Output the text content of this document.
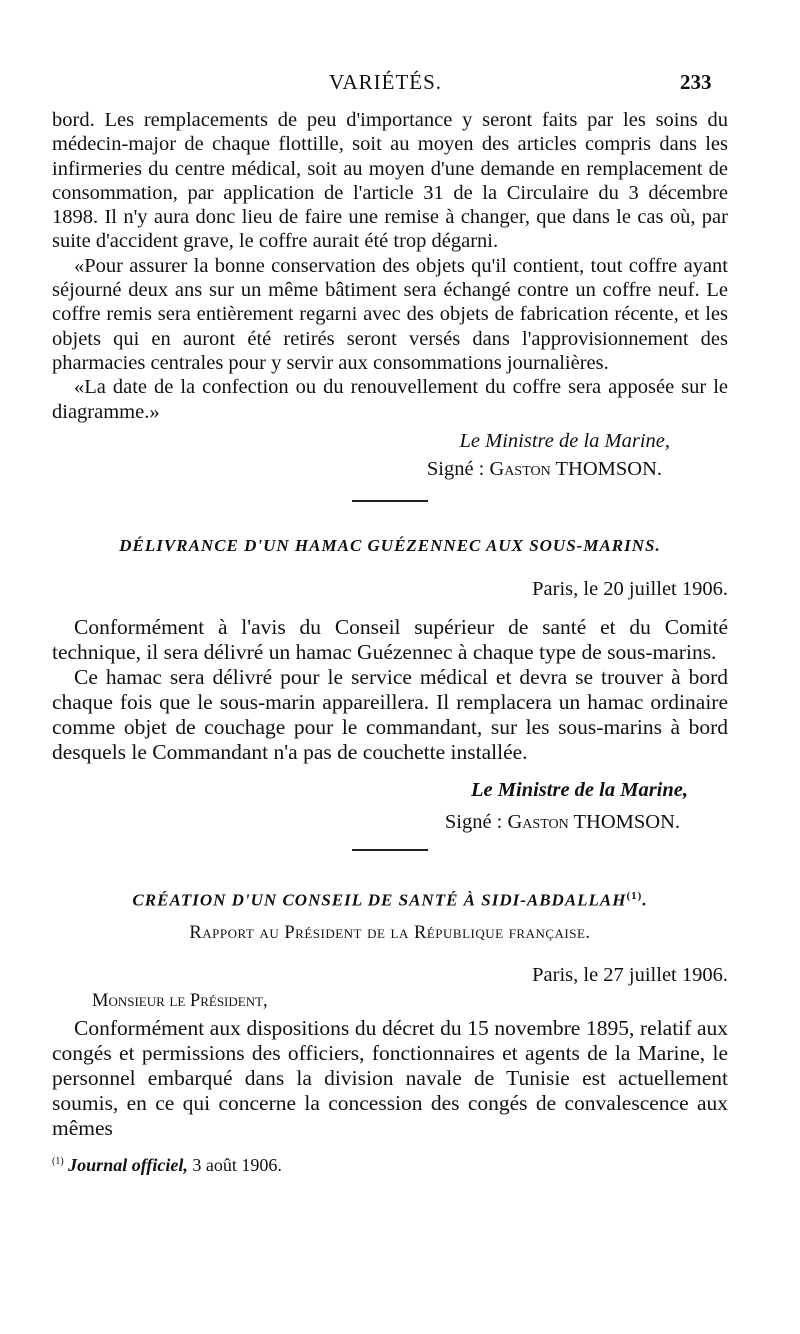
VARIÉTÉS.	233

bord. Les remplacements de peu d'importance y seront faits par les soins du médecin-major de chaque flottille, soit au moyen des articles compris dans les infirmeries du centre médical, soit au moyen d'une demande en remplacement de consommation, par application de l'article 31 de la Circulaire du 3 décembre 1898. Il n'y aura donc lieu de faire une remise à changer, que dans le cas où, par suite d'accident grave, le coffre aurait été trop dégarni.

«Pour assurer la bonne conservation des objets qu'il contient, tout coffre ayant séjourné deux ans sur un même bâtiment sera échangé contre un coffre neuf. Le coffre remis sera entièrement regarni avec des objets de fabrication récente, et les objets qui en auront été retirés seront versés dans l'approvisionnement des pharmacies centrales pour y servir aux consommations journalières.

«La date de la confection ou du renouvellement du coffre sera apposée sur le diagramme.»

Le Ministre de la Marine,

Signé : Gaston THOMSON.

DÉLIVRANCE D'UN HAMAC GUÉZENNEC AUX SOUS-MARINS.

Paris, le 20 juillet 1906.

Conformément à l'avis du Conseil supérieur de santé et du Comité technique, il sera délivré un hamac Guézennec à chaque type de sous-marins.

Ce hamac sera délivré pour le service médical et devra se trouver à bord chaque fois que le sous-marin appareillera. Il remplacera un hamac ordinaire comme objet de couchage pour le commandant, sur les sous-marins à bord desquels le Commandant n'a pas de couchette installée.

Le Ministre de la Marine,

Signé : Gaston THOMSON.

CRÉATION D'UN CONSEIL DE SANTÉ À SIDI-ABDALLAH$^{(1)}$.

Rapport au Président de la République française.

Paris, le 27 juillet 1906.

Monsieur le Président,

Conformément aux dispositions du décret du 15 novembre 1895, relatif aux congés et permissions des officiers, fonctionnaires et agents de la Marine, le personnel embarqué dans la division navale de Tunisie est actuellement soumis, en ce qui concerne la concession des congés de convalescence aux mêmes

$^{(1)}$ Journal officiel, 3 août 1906.
